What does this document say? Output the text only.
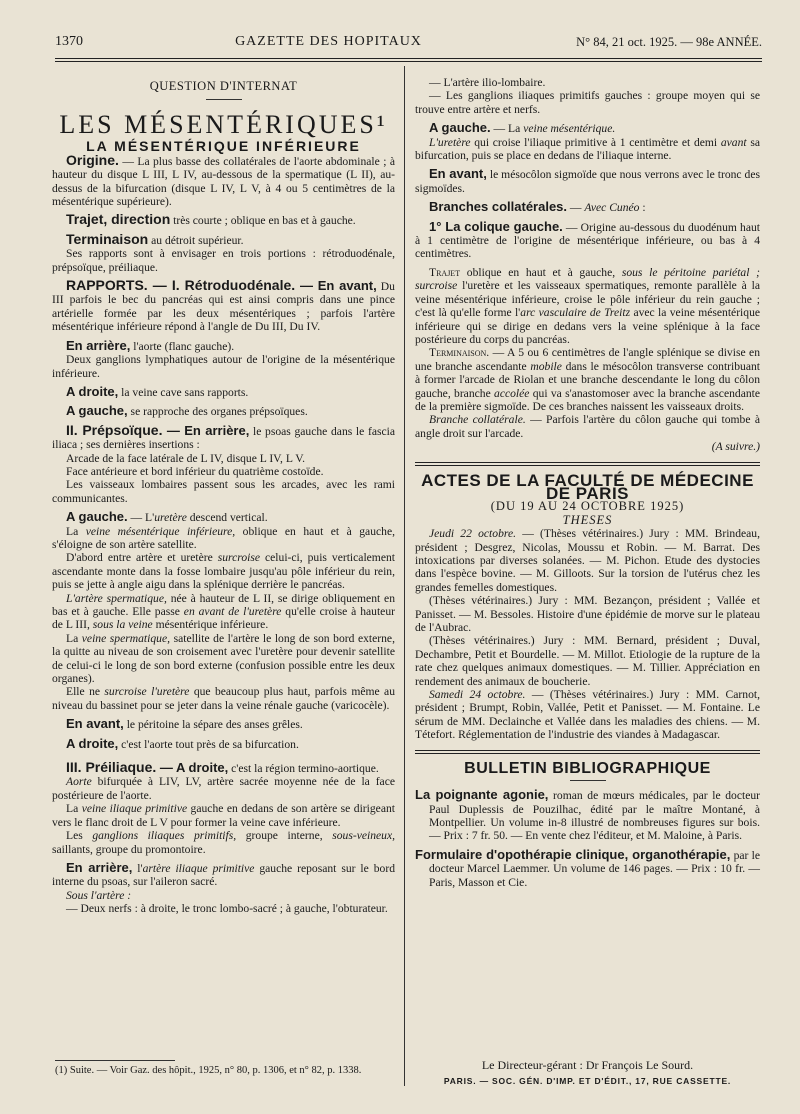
1370	GAZETTE DES HOPITAUX	N° 84, 21 oct. 1925. — 98e ANNÉE.

QUESTION D'INTERNAT

LES MÉSENTÉRIQUES¹

LA MÉSENTÉRIQUE INFÉRIEURE

Origine. — La plus basse des collatérales de l'aorte abdominale ; à hauteur du disque L III, L IV, au-dessous de la spermatique (L II), au-dessus de la bifurcation (disque L IV, L V, à 4 ou 5 centimètres de la mésentérique supérieure).

Trajet, direction très courte ; oblique en bas et à gauche.

Terminaison au détroit supérieur.

Ses rapports sont à envisager en trois portions : rétroduodénale, prépsoïque, préiliaque.

RAPPORTS. — I. Rétroduodénale. — En avant, Du III parfois le bec du pancréas qui est ainsi compris dans une pince artérielle formée par les deux mésentériques ; parfois l'artère mésentérique inférieure répond à l'angle de Du III, Du IV.

En arrière, l'aorte (flanc gauche).

Deux ganglions lymphatiques autour de l'origine de la mésentérique inférieure.

A droite, la veine cave sans rapports.

A gauche, se rapproche des organes prépsoïques.

II. Prépsoïque. — En arrière, le psoas gauche dans le fascia iliaca ; ses dernières insertions :

Arcade de la face latérale de L IV, disque L IV, L V.

Face antérieure et bord inférieur du quatrième costoïde.

Les vaisseaux lombaires passent sous les arcades, avec les rami communicantes.

A gauche. — L'uretère descend vertical.

La veine mésentérique inférieure, oblique en haut et à gauche, s'éloigne de son artère satellite.

D'abord entre artère et uretère surcroise celui-ci, puis verticalement ascendante monte dans la fosse lombaire jusqu'au pôle inférieur du rein, puis se jette à angle aigu dans la splénique derrière le pancréas.

L'artère spermatique, née à hauteur de L II, se dirige obliquement en bas et à gauche. Elle passe en avant de l'uretère qu'elle croise à hauteur de L III, sous la veine mésentérique inférieure.

La veine spermatique, satellite de l'artère le long de son bord externe, la quitte au niveau de son croisement avec l'uretère pour devenir satellite de celui-ci le long de son bord externe (confusion possible entre les deux organes).

Elle ne surcroise l'uretère que beaucoup plus haut, parfois même au niveau du bassinet pour se jeter dans la veine rénale gauche (varicocèle).

En avant, le péritoine la sépare des anses grêles.

A droite, c'est l'aorte tout près de sa bifurcation.

III. Préiliaque. — A droite, c'est la région termino-aortique.

Aorte bifurquée à LIV, LV, artère sacrée moyenne née de la face postérieure de l'aorte.

La veine iliaque primitive gauche en dedans de son artère se dirigeant vers le flanc droit de L V pour former la veine cave inférieure.

Les ganglions iliaques primitifs, groupe interne, sous-veineux, saillants, groupe du promontoire.

En arrière, l'artère iliaque primitive gauche reposant sur le bord interne du psoas, sur l'aileron sacré.

Sous l'artère :

— Deux nerfs : à droite, le tronc lombo-sacré ; à gauche, l'obturateur.

(1) Suite. — Voir Gaz. des hôpit., 1925, n° 80, p. 1306, et n° 82, p. 1338.

— L'artère ilio-lombaire.

— Les ganglions iliaques primitifs gauches : groupe moyen qui se trouve entre artère et nerfs.

A gauche. — La veine mésentérique.

L'uretère qui croise l'iliaque primitive à 1 centimètre et demi avant sa bifurcation, puis se place en dedans de l'iliaque interne.

En avant, le mésocôlon sigmoïde que nous verrons avec le tronc des sigmoïdes.

Branches collatérales. — Avec Cunéo :

1° La colique gauche. — Origine au-dessous du duodénum haut à 1 centimètre de l'origine de mésentérique inférieure, ou bas à 4 centimètres.

Trajet oblique en haut et à gauche, sous le péritoine pariétal ; surcroise l'uretère et les vaisseaux spermatiques, remonte parallèle à la veine mésentérique inférieure, croise le pôle inférieur du rein gauche ; c'est là qu'elle forme l'arc vasculaire de Treitz avec la veine mésentérique inférieure qui se dirige en dedans vers la veine splénique à la face postérieure du corps du pancréas.

Terminaison. — A 5 ou 6 centimètres de l'angle splénique se divise en une branche ascendante mobile dans le mésocôlon transverse contribuant à former l'arcade de Riolan et une branche descendante le long du côlon gauche, branche accolée qui va s'anastomoser avec la branche ascendante de la première sigmoïde. De ces branches naissent les vaisseaux droits.

Branche collatérale. — Parfois l'artère du côlon gauche qui tombe à angle droit sur l'arcade.

(A suivre.)

ACTES DE LA FACULTÉ DE MÉDECINE DE PARIS

(DU 19 AU 24 OCTOBRE 1925)

THESES

Jeudi 22 octobre. — (Thèses vétérinaires.) Jury : MM. Brindeau, président ; Desgrez, Nicolas, Moussu et Robin. — M. Barrat. Des intoxications par diverses solanées. — M. Pichon. Etude des dystocies dans l'espèce bovine. — M. Gilloots. Sur la torsion de l'utérus chez les grandes femelles domestiques.

(Thèses vétérinaires.) Jury : MM. Bezançon, président ; Vallée et Panisset. — M. Bessoles. Histoire d'une épidémie de morve sur le plateau de l'Aubrac.

(Thèses vétérinaires.) Jury : MM. Bernard, président ; Duval, Dechambre, Petit et Bourdelle. — M. Millot. Etiologie de la rupture de la rate chez quelques animaux domestiques. — M. Tillier. Appréciation en rendement des animaux de boucherie.

Samedi 24 octobre. — (Thèses vétérinaires.) Jury : MM. Carnot, président ; Brumpt, Robin, Vallée, Petit et Panisset. — M. Fontaine. Le sérum de MM. Declainche et Vallée dans les maladies des chiens. — M. Tétefort. Réglementation de l'industrie des viandes à Madagascar.

BULLETIN BIBLIOGRAPHIQUE

La poignante agonie, roman de mœurs médicales, par le docteur Paul Duplessis de Pouzilhac, édité par le maître Montané, à Montpellier. Un volume in-8 illustré de nombreuses figures sur bois. — Prix : 7 fr. 50. — En vente chez l'éditeur, et M. Maloine, à Paris.

Formulaire d'opothérapie clinique, organothérapie, par le docteur Marcel Laemmer. Un volume de 146 pages. — Prix : 10 fr. — Paris, Masson et Cie.

Le Directeur-gérant : Dr François Le Sourd.
PARIS. — SOC. GÉN. D'IMP. ET D'ÉDIT., 17, RUE CASSETTE.
